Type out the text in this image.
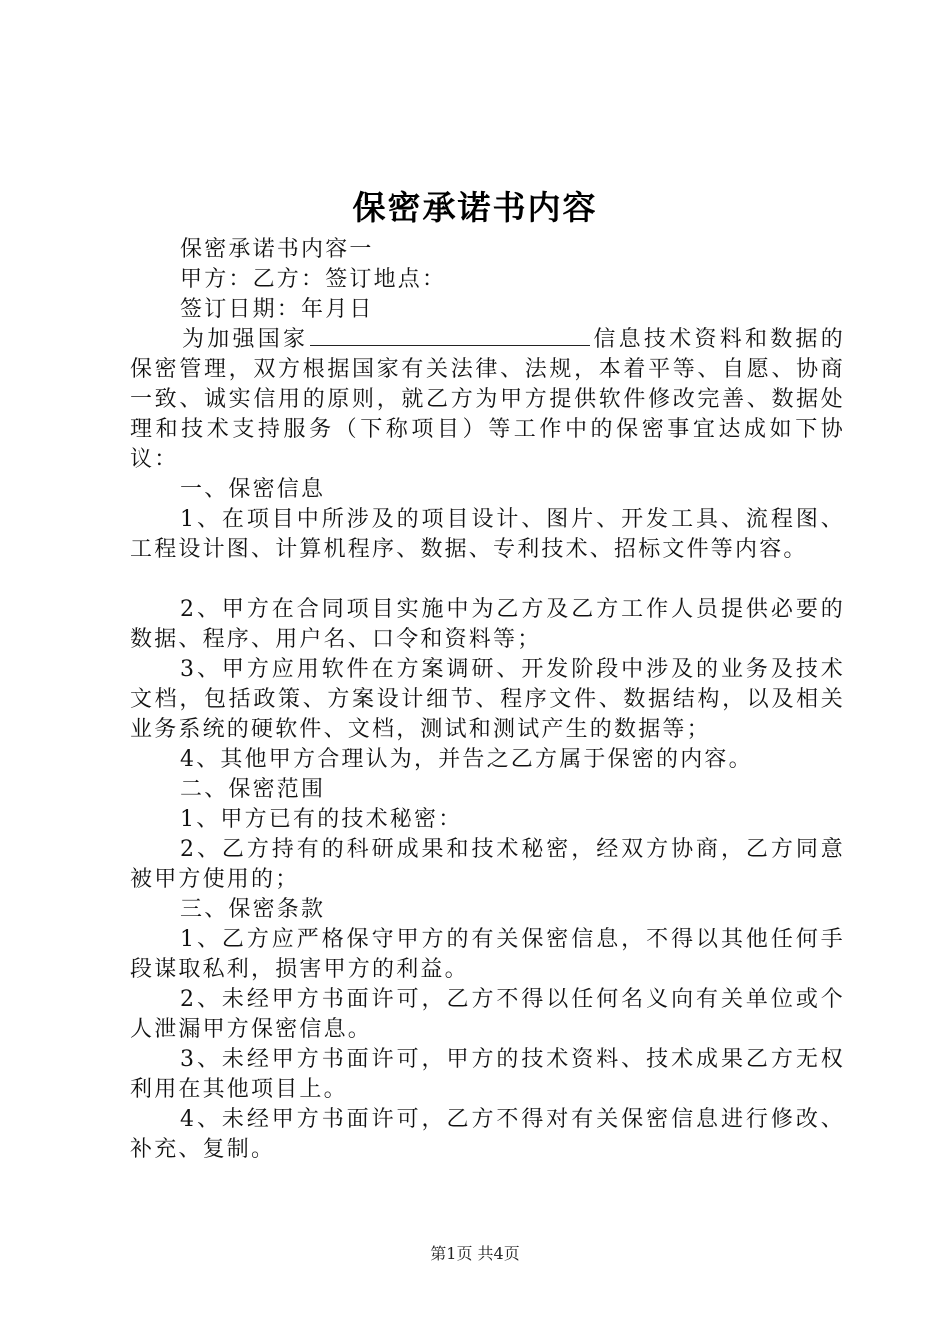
保密承诺书内容

保密承诺书内容一

甲方：乙方：签订地点：

签订日期：年月日

为加强国家	信息技术资料和数据的保密管理，双方根据国家有关法律、法规，本着平等、自愿、协商一致、诚实信用的原则，就乙方为甲方提供软件修改完善、数据处理和技术支持服务（下称项目）等工作中的保密事宜达成如下协议：

一、保密信息

1、在项目中所涉及的项目设计、图片、开发工具、流程图、工程设计图、计算机程序、数据、专利技术、招标文件等内容。

2、甲方在合同项目实施中为乙方及乙方工作人员提供必要的数据、程序、用户名、口令和资料等；

3、甲方应用软件在方案调研、开发阶段中涉及的业务及技术文档，包括政策、方案设计细节、程序文件、数据结构，以及相关业务系统的硬软件、文档，测试和测试产生的数据等；

4、其他甲方合理认为，并告之乙方属于保密的内容。

二、保密范围

1、甲方已有的技术秘密：

2、乙方持有的科研成果和技术秘密，经双方协商，乙方同意被甲方使用的；

三、保密条款

1、乙方应严格保守甲方的有关保密信息，不得以其他任何手段谋取私利，损害甲方的利益。

2、未经甲方书面许可，乙方不得以任何名义向有关单位或个人泄漏甲方保密信息。

3、未经甲方书面许可，甲方的技术资料、技术成果乙方无权利用在其他项目上。

4、未经甲方书面许可，乙方不得对有关保密信息进行修改、补充、复制。

第1页 共4页
